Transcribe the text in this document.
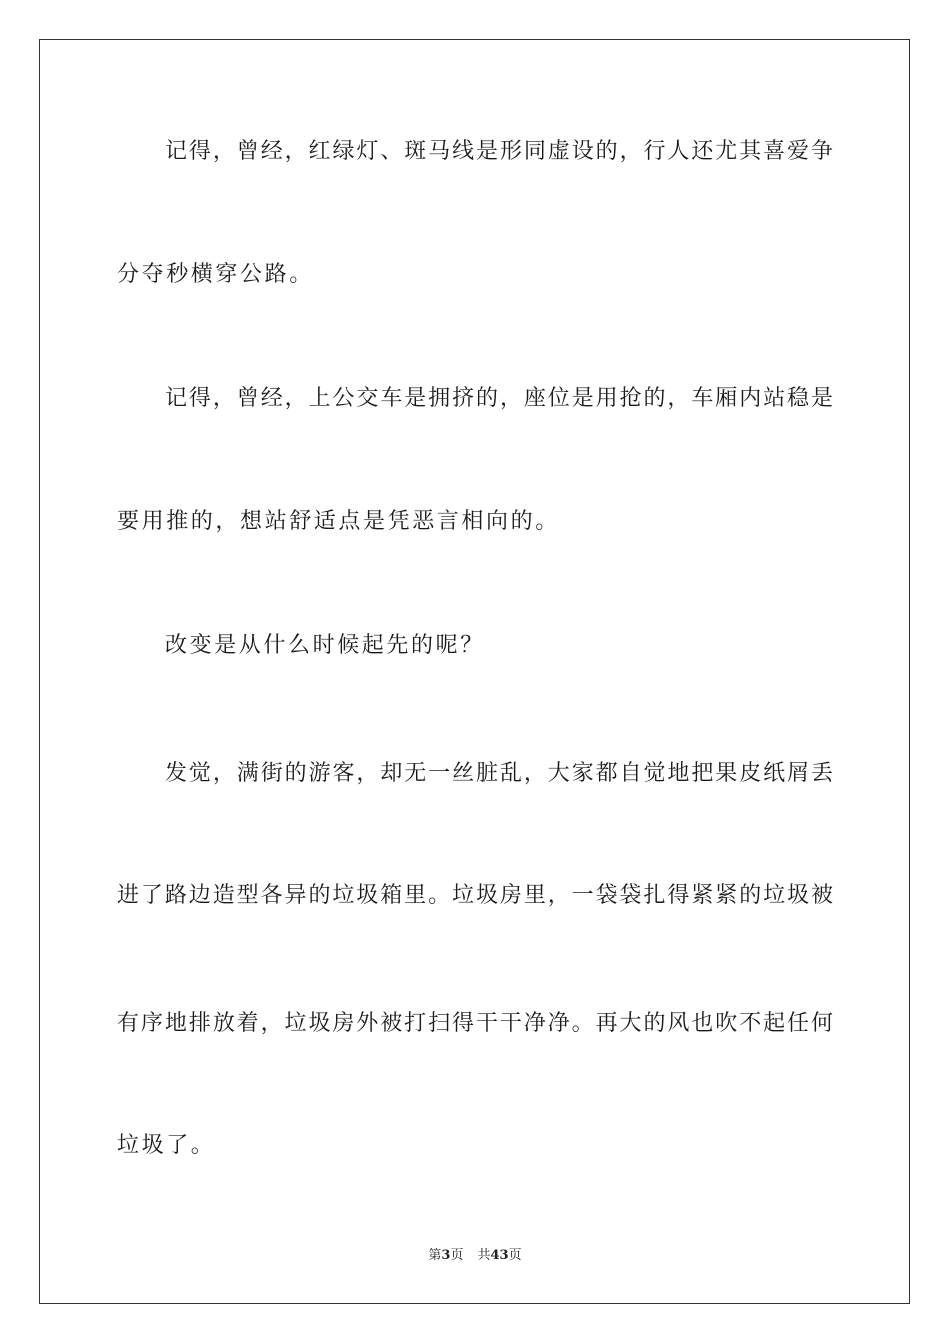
记得，曾经，红绿灯、斑马线是形同虚设的，行人还尤其喜爱争
分夺秒横穿公路。
记得，曾经，上公交车是拥挤的，座位是用抢的，车厢内站稳是
要用推的，想站舒适点是凭恶言相向的。
改变是从什么时候起先的呢？
发觉，满街的游客，却无一丝脏乱，大家都自觉地把果皮纸屑丢
进了路边造型各异的垃圾箱里。垃圾房里，一袋袋扎得紧紧的垃圾被
有序地排放着，垃圾房外被打扫得干干净净。再大的风也吹不起任何
垃圾了。
第3页 共43页
